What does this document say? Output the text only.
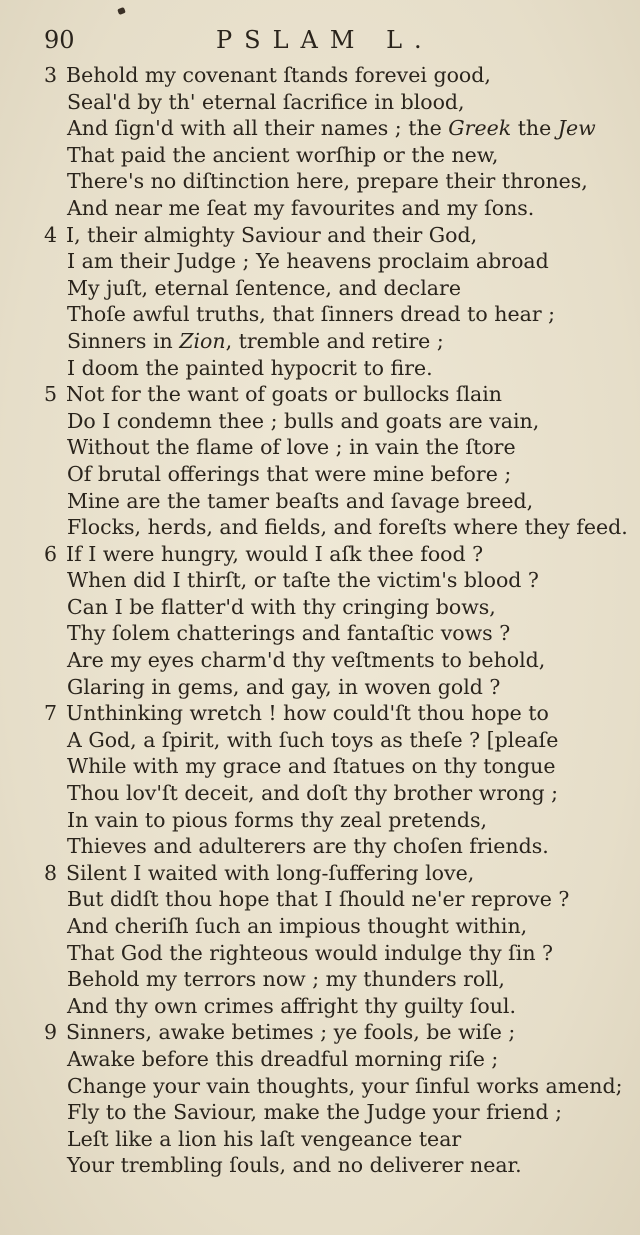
90	PSLAM L.
3 Behold my covenant ſtands forevei good,
Seal'd by th' eternal ſacrifice in blood,
And ſign'd with all their names ; the Greek the Jew
That paid the ancient worſhip or the new,
There's no diſtinction here, prepare their thrones,
And near me ſeat my favourites and my ſons.
4 I, their almighty Saviour and their God,
I am their Judge ; Ye heavens proclaim abroad
My juſt, eternal ſentence, and declare
Thoſe awful truths, that ſinners dread to hear ;
Sinners in Zion, tremble and retire ;
I doom the painted hypocrit to fire.
5 Not for the want of goats or bullocks ſlain
Do I condemn thee ; bulls and goats are vain,
Without the flame of love ; in vain the ſtore
Of brutal offerings that were mine before ;
Mine are the tamer beaſts and ſavage breed,
Flocks, herds, and fields, and foreſts where they feed.
6 If I were hungry, would I aſk thee food ?
When did I thirſt, or taſte the victim's blood ?
Can I be flatter'd with thy cringing bows,
Thy ſolem chatterings and fantaſtic vows ?
Are my eyes charm'd thy veſtments to behold,
Glaring in gems, and gay, in woven gold ?
7 Unthinking wretch ! how could'ſt thou hope to
A God, a ſpirit, with ſuch toys as theſe ? [pleaſe
While with my grace and ſtatues on thy tongue
Thou lov'ſt deceit, and doſt thy brother wrong ;
In vain to pious forms thy zeal pretends,
Thieves and adulterers are thy choſen friends.
8 Silent I waited with long-ſuffering love,
But didſt thou hope that I ſhould ne'er reprove ?
And cheriſh ſuch an impious thought within,
That God the righteous would indulge thy ſin ?
Behold my terrors now ; my thunders roll,
And thy own crimes affright thy guilty ſoul.
9 Sinners, awake betimes ; ye fools, be wiſe ;
Awake before this dreadful morning riſe ;
Change your vain thoughts, your ſinful works amend;
Fly to the Saviour, make the Judge your friend ;
Leſt like a lion his laſt vengeance tear
Your trembling ſouls, and no deliverer near.
